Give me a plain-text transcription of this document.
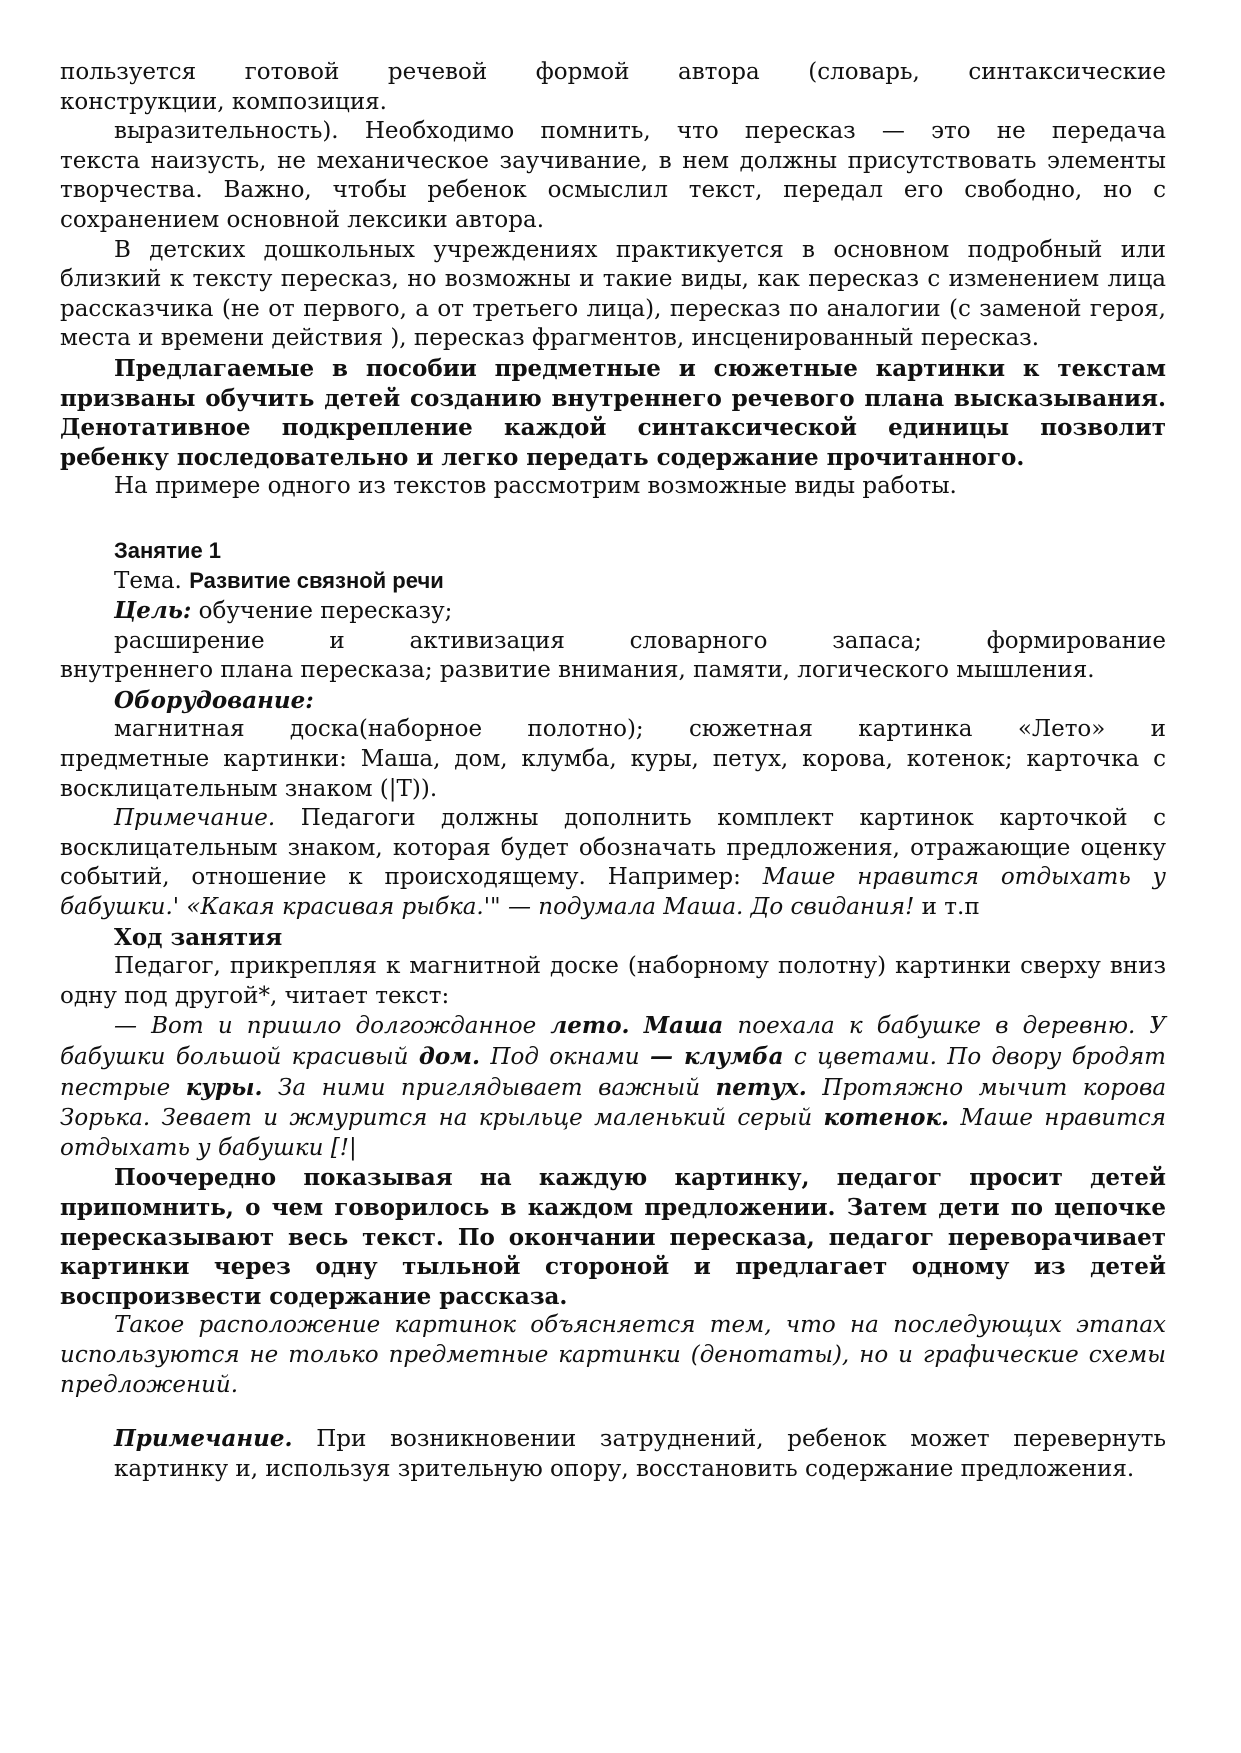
пользуется готовой речевой формой автора (словарь, синтаксические

конструкции, композиция.

выразительность). Необходимо помнить, что пересказ — это не передача

текста наизусть, не механическое заучивание, в нем должны присутствовать элементы творчества. Важно, чтобы ребенок осмыслил текст, передал его свободно, но с сохранением основной лексики автора.

В детских дошкольных учреждениях практикуется в основном подробный или близкий к тексту пересказ, но возможны и такие виды, как пересказ с изменением лица рассказчика (не от первого, а от третьего лица), пересказ по аналогии (с заменой героя, места и времени действия ), пересказ фрагментов, инсценированный пересказ.

Предлагаемые в пособии предметные и сюжетные картинки к текстам призваны обучить детей созданию внутреннего речевого плана высказывания. Денотативное подкрепление каждой синтаксической единицы позволит ребенку последовательно и легко передать содержание прочитанного.

На примере одного из текстов рассмотрим возможные виды работы.

Занятие 1

Тема. Развитие связной речи

Цель: обучение пересказу;

расширение и активизация словарного запаса; формирование

внутреннего плана пересказа; развитие внимания, памяти, логического мышления.

Оборудование:

магнитная доска(наборное полотно); сюжетная картинка «Лето» и

предметные картинки: Маша, дом, клумба, куры, петух, корова, котенок; карточка с восклицательным знаком (|Т)).

Примечание. Педагоги должны дополнить комплект картинок карточкой с восклицательным знаком, которая будет обозначать предложения, отражающие оценку событий, отношение к происходящему. Например: Маше нравится отдыхать у бабушки.' «Какая красивая рыбка.'" — подумала Маша. До свидания! и т.п

Ход занятия

Педагог, прикрепляя к магнитной доске (наборному полотну) картинки сверху вниз одну под другой*, читает текст:

— Вот и пришло долгожданное лето. Маша поехала к бабушке в деревню. У бабушки большой красивый дом. Под окнами — клумба с цветами. По двору бродят пестрые куры. За ними приглядывает важный петух. Протяжно мычит корова Зорька. Зевает и жмурится на крыльце маленький серый котенок. Маше нравится отдыхать у бабушки [!|

Поочередно показывая на каждую картинку, педагог просит детей припомнить, о чем говорилось в каждом предложении. Затем дети по цепочке пересказывают весь текст. По окончании пересказа, педагог переворачивает картинки через одну тыльной стороной и предлагает одному из детей воспроизвести содержание рассказа.

Такое расположение картинок объясняется тем, что на последующих этапах используются не только предметные картинки (денотаты), но и графические схемы предложений.

Примечание. При возникновении затруднений, ребенок может перевернуть картинку и, используя зрительную опору, восстановить содержание предложения.
